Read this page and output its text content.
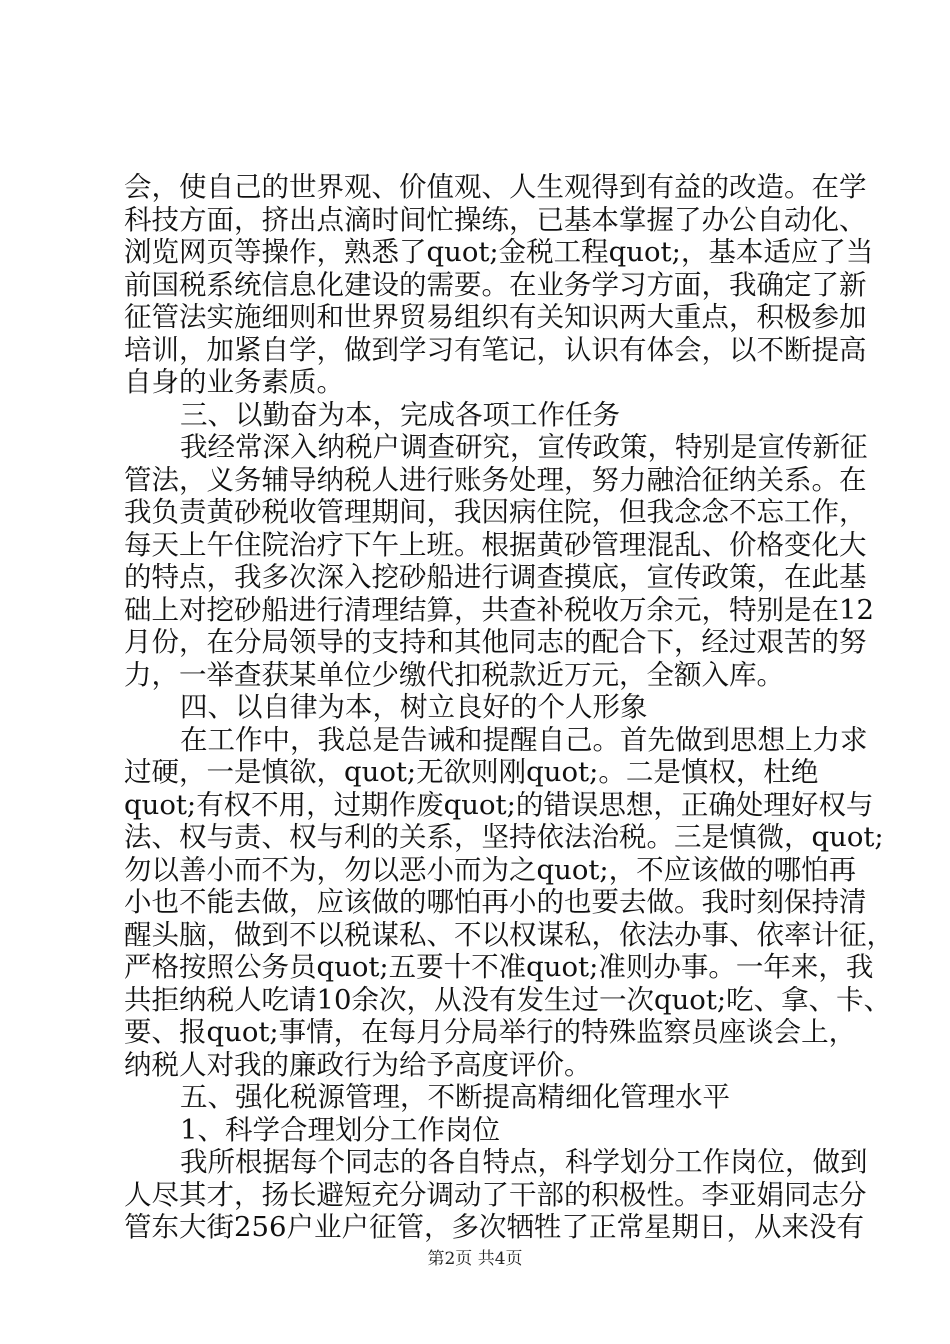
会，使自己的世界观、价值观、人生观得到有益的改造。在学
科技方面，挤出点滴时间忙操练，已基本掌握了办公自动化、
浏览网页等操作，熟悉了quot;金税工程quot;，基本适应了当
前国税系统信息化建设的需要。在业务学习方面，我确定了新
征管法实施细则和世界贸易组织有关知识两大重点，积极参加
培训，加紧自学，做到学习有笔记，认识有体会，以不断提高
自身的业务素质。
三、以勤奋为本，完成各项工作任务
我经常深入纳税户调查研究，宣传政策，特别是宣传新征
管法，义务辅导纳税人进行账务处理，努力融洽征纳关系。在
我负责黄砂税收管理期间，我因病住院，但我念念不忘工作，
每天上午住院治疗下午上班。根据黄砂管理混乱、价格变化大
的特点，我多次深入挖砂船进行调查摸底，宣传政策，在此基
础上对挖砂船进行清理结算，共查补税收万余元，特别是在12
月份，在分局领导的支持和其他同志的配合下，经过艰苦的努
力，一举查获某单位少缴代扣税款近万元，全额入库。
四、以自律为本，树立良好的个人形象
在工作中，我总是告诫和提醒自己。首先做到思想上力求
过硬，一是慎欲，quot;无欲则刚quot;。二是慎权，杜绝
quot;有权不用，过期作废quot;的错误思想，正确处理好权与
法、权与责、权与利的关系，坚持依法治税。三是慎微，quot;
勿以善小而不为，勿以恶小而为之quot;，不应该做的哪怕再
小也不能去做，应该做的哪怕再小的也要去做。我时刻保持清
醒头脑，做到不以税谋私、不以权谋私，依法办事、依率计征，
严格按照公务员quot;五要十不准quot;准则办事。一年来，我
共拒纳税人吃请10余次，从没有发生过一次quot;吃、拿、卡、
要、报quot;事情，在每月分局举行的特殊监察员座谈会上，
纳税人对我的廉政行为给予高度评价。
五、强化税源管理，不断提高精细化管理水平
1、科学合理划分工作岗位
我所根据每个同志的各自特点，科学划分工作岗位，做到
人尽其才，扬长避短充分调动了干部的积极性。李亚娟同志分
管东大街256户业户征管，多次牺牲了正常星期日，从来没有
第2页 共4页
